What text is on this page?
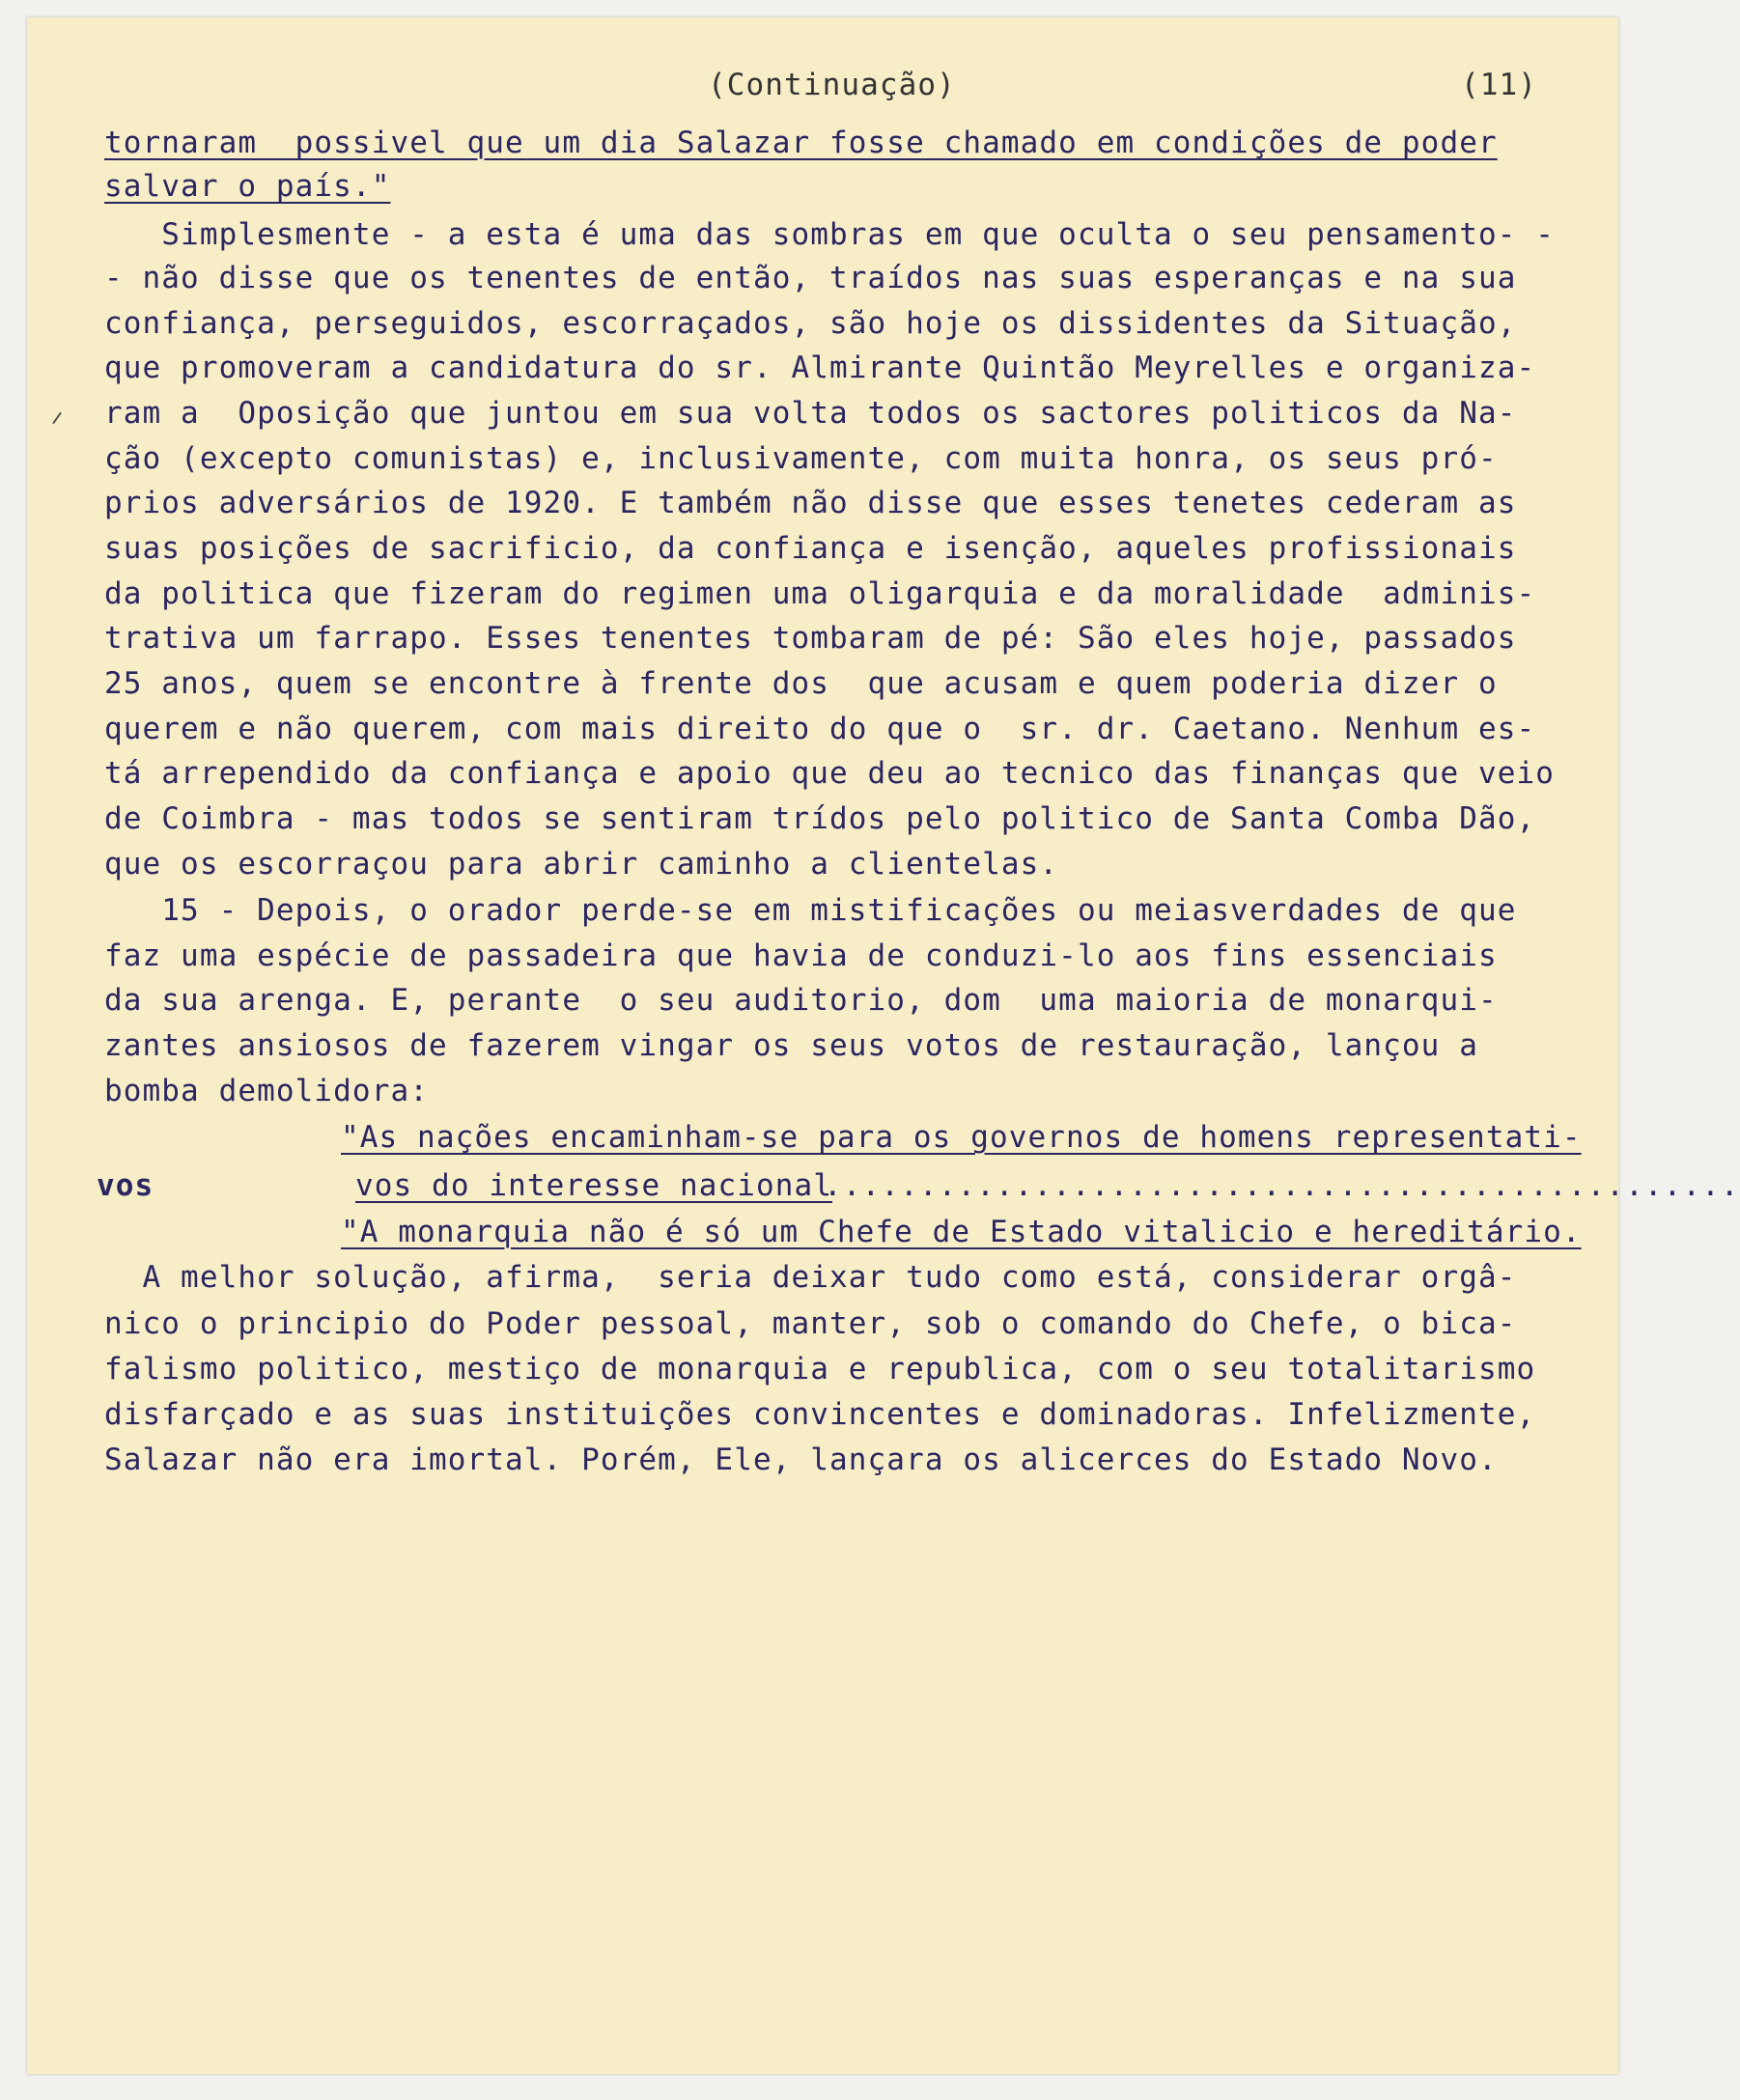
(Continuação)	(11)
tornaram  possivel que um dia Salazar fosse chamado em condições de poder
salvar o país."
Simplesmente - a esta é uma das sombras em que oculta o seu pensamento- -
- não disse que os tenentes de então, traídos nas suas esperanças e na sua
confiança, perseguidos, escorraçados, são hoje os dissidentes da Situação,
que promoveram a candidatura do sr. Almirante Quintão Meyrelles e organiza-
ram a  Oposição que juntou em sua volta todos os sactores politicos da Na-
ção (excepto comunistas) e, inclusivamente, com muita honra, os seus pró-
prios adversários de 1920. E também não disse que esses tenetes cederam as
suas posições de sacrificio, da confiança e isenção, aqueles profissionais
da politica que fizeram do regimen uma oligarquia e da moralidade  adminis-
trativa um farrapo. Esses tenentes tombaram de pé: São eles hoje, passados
25 anos, quem se encontre à frente dos  que acusam e quem poderia dizer o
querem e não querem, com mais direito do que o  sr. dr. Caetano. Nenhum es-
tá arrependido da confiança e apoio que deu ao tecnico das finanças que veio
de Coimbra - mas todos se sentiram trídos pelo politico de Santa Comba Dão,
que os escorraçou para abrir caminho a clientelas.
15 - Depois, o orador perde-se em mistificações ou meiasverdades de que
faz uma espécie de passadeira que havia de conduzi-lo aos fins essenciais
da sua arenga. E, perante  o seu auditorio, dom  uma maioria de monarqui-
zantes ansiosos de fazerem vingar os seus votos de restauração, lançou a
bomba demolidora:
"As nações encaminham-se para os governos de homens representati-
vos	vos do interesse nacional
................................................
"A monarquia não é só um Chefe de Estado vitalicio e hereditário.
A melhor solução, afirma,  seria deixar tudo como está, considerar orgâ-
nico o principio do Poder pessoal, manter, sob o comando do Chefe, o bica-
falismo politico, mestiço de monarquia e republica, com o seu totalitarismo
disfarçado e as suas instituições convincentes e dominadoras. Infelizmente,
Salazar não era imortal. Porém, Ele, lançara os alicerces do Estado Novo.
